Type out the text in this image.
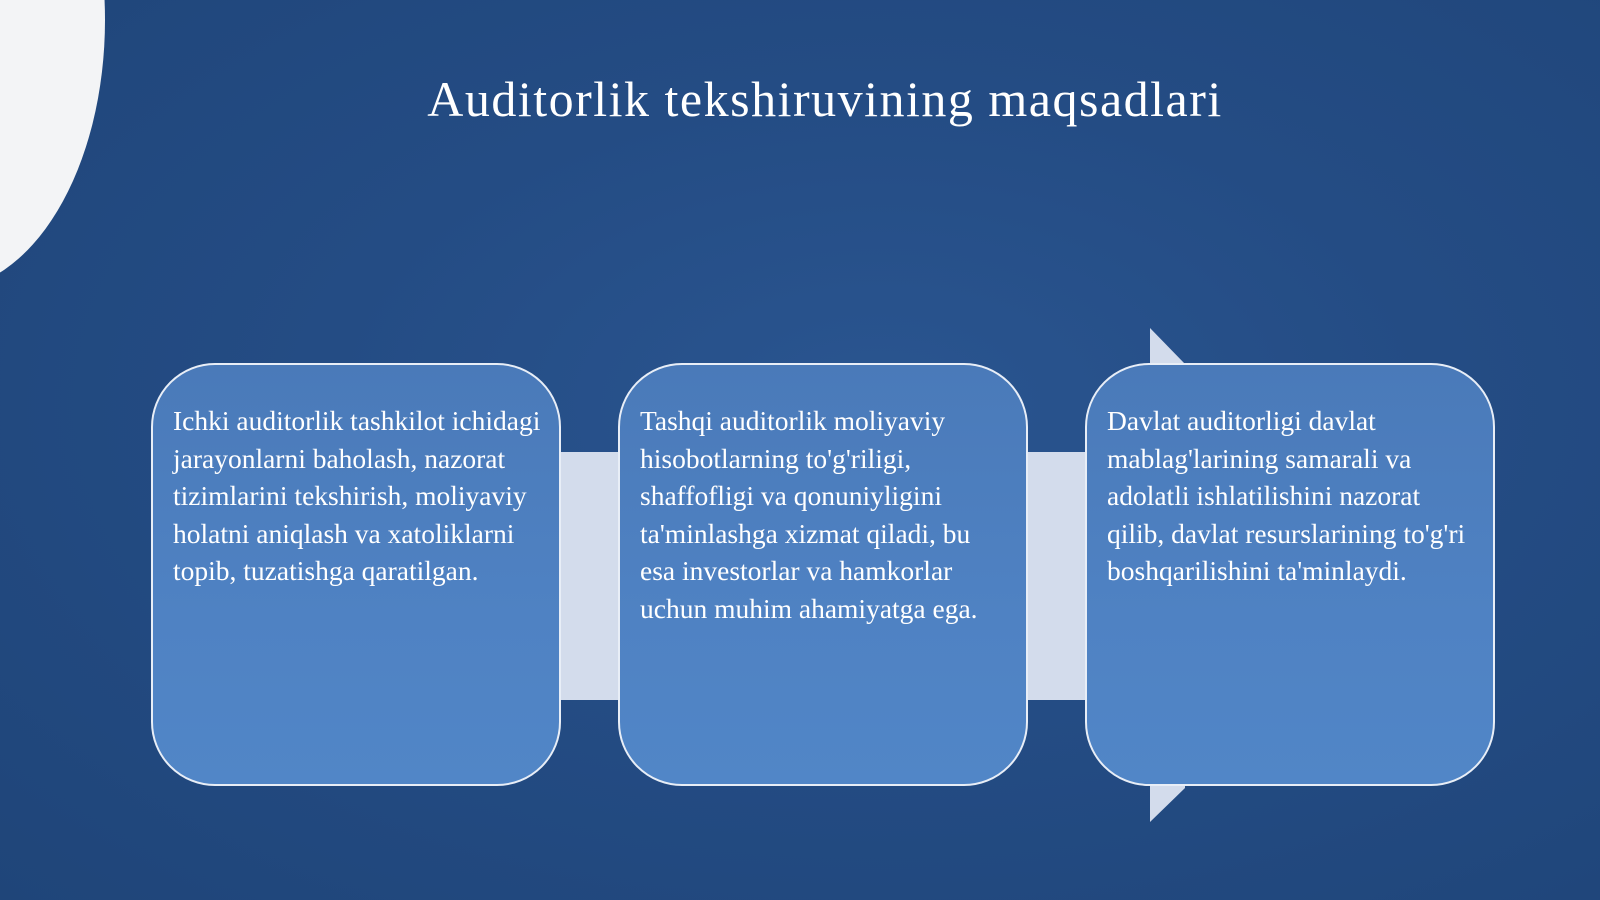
Auditorlik tekshiruvining maqsadlari

Ichki auditorlik tashkilot ichidagi jarayonlarni baholash, nazorat tizimlarini tekshirish, moliyaviy holatni aniqlash va xatoliklarni topib, tuzatishga qaratilgan.

Tashqi auditorlik moliyaviy hisobotlarning to'g'riligi, shaffofligi va qonuniyligini ta'minlashga xizmat qiladi, bu esa investorlar va hamkorlar uchun muhim ahamiyatga ega.

Davlat auditorligi davlat mablag'larining samarali va adolatli ishlatilishini nazorat qilib, davlat resurslarining to'g'ri boshqarilishini ta'minlaydi.
